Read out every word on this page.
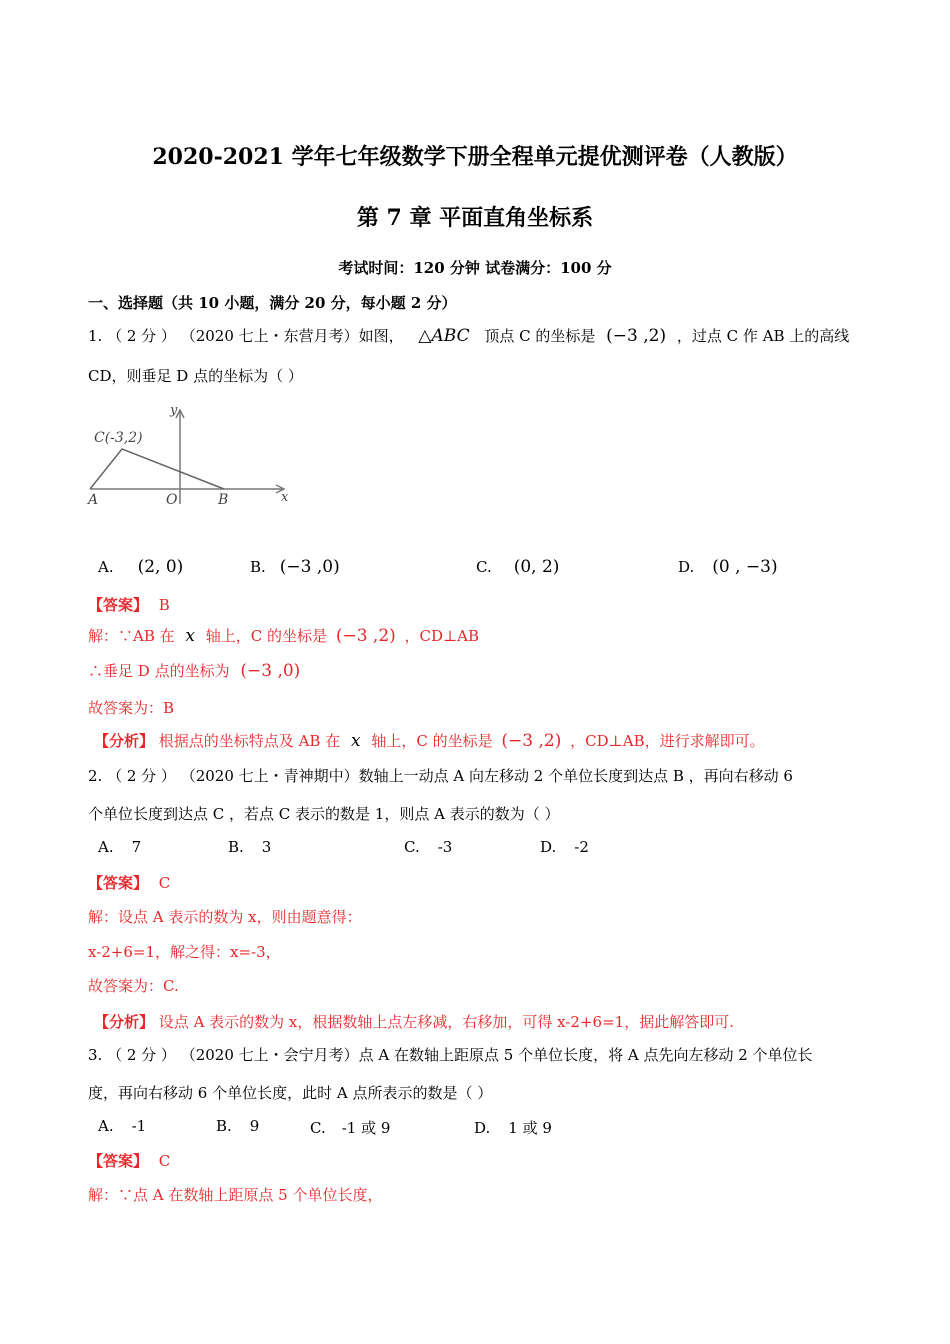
2020-2021 学年七年级数学下册全程单元提优测评卷（人教版）
第 7 章 平面直角坐标系
考试时间：120 分钟 试卷满分：100 分
一、选择题（共 10 小题，满分 20 分，每小题 2 分）
1. （ 2 分 ） （2020 七上・东营月考）如图， △ABC 顶点 C 的坐标是 (−3 ,2) ，过点 C 作 AB 上的高线
CD，则垂足 D 点的坐标为（ ）
C(-3,2)
A	O	B	x
y
A. (2, 0)	B. (−3 ,0)	C. (0, 2)	D. (0 , −3)
【答案】 B
解：∵AB 在 x 轴上，C 的坐标是 (−3 ,2) ，CD⊥AB
∴垂足 D 点的坐标为 (−3 ,0)
故答案为：B
【分析】 根据点的坐标特点及 AB 在 x 轴上，C 的坐标是 (−3 ,2) ，CD⊥AB，进行求解即可。
2. （ 2 分 ） （2020 七上・青神期中）数轴上一动点 A 向左移动 2 个单位长度到达点 B ，再向右移动 6
个单位长度到达点 C ，若点 C 表示的数是 1，则点 A 表示的数为（ ）
A. 7	B. 3	C. -3	D. -2
【答案】 C
解：设点 A 表示的数为 x，则由题意得：
x-2+6=1，解之得：x=-3，
故答案为：C.
【分析】 设点 A 表示的数为 x，根据数轴上点左移减，右移加，可得 x-2+6=1，据此解答即可.
3. （ 2 分 ） （2020 七上・会宁月考）点 A 在数轴上距原点 5 个单位长度，将 A 点先向左移动 2 个单位长
度，再向右移动 6 个单位长度，此时 A 点所表示的数是（ ）
A. -1	B. 9	C. -1 或 9	D. 1 或 9
【答案】 C
解：∵点 A 在数轴上距原点 5 个单位长度，
